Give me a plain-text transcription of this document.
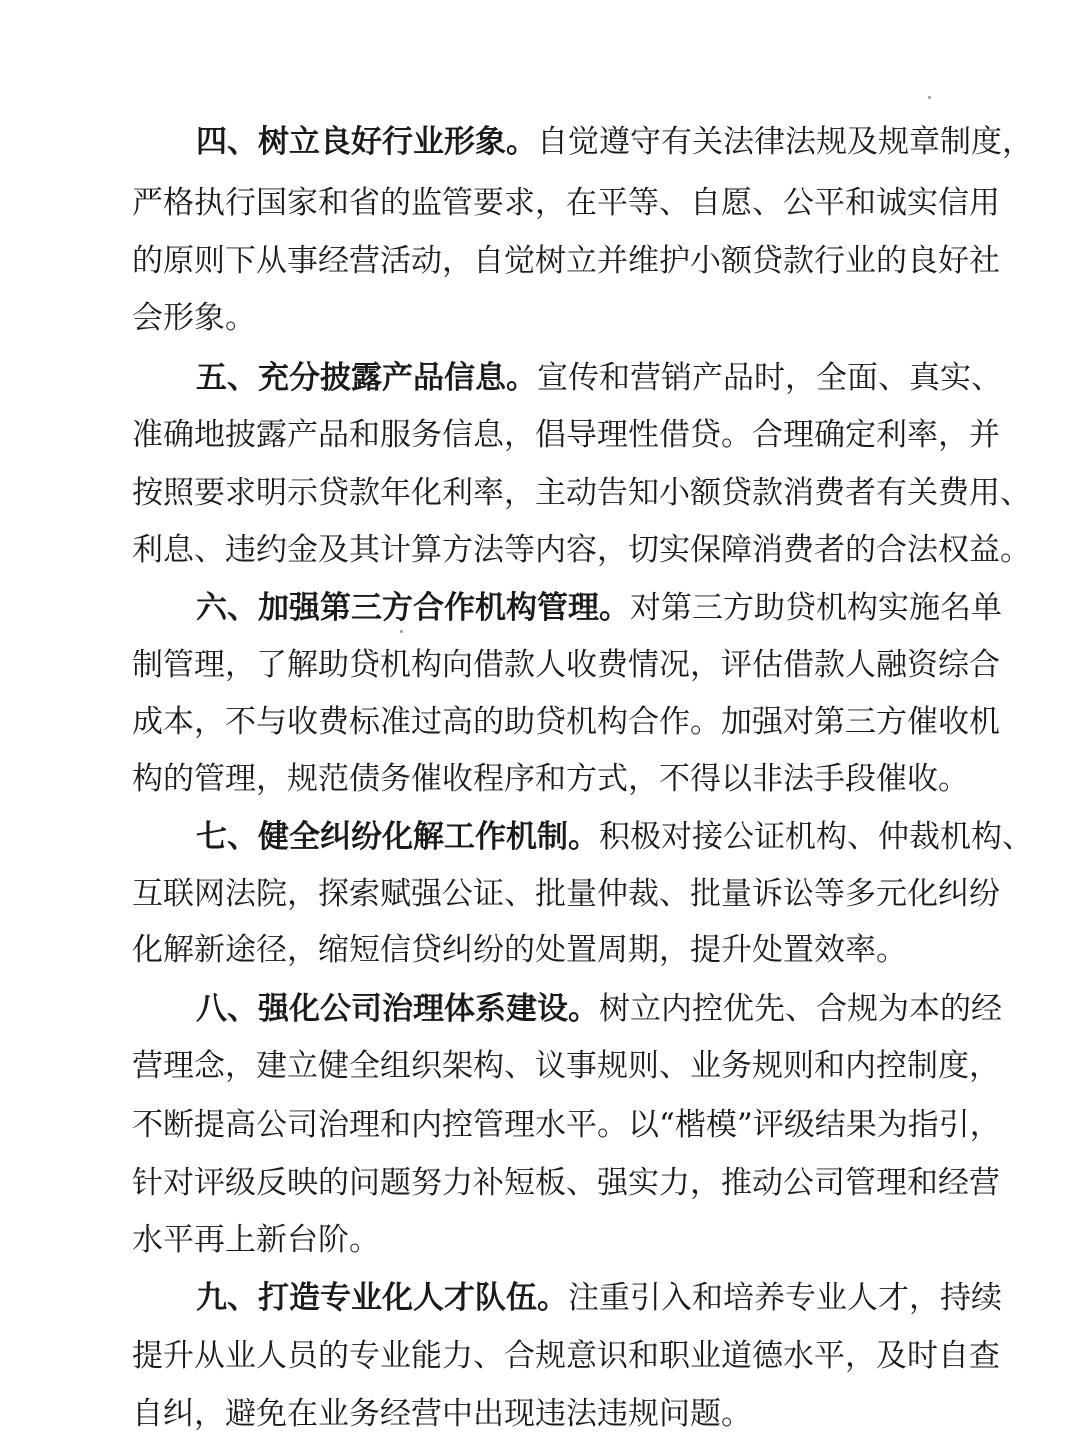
四、树立良好行业形象。自觉遵守有关法律法规及规章制度，
严格执行国家和省的监管要求，在平等、自愿、公平和诚实信用
的原则下从事经营活动，自觉树立并维护小额贷款行业的良好社
会形象。
五、充分披露产品信息。宣传和营销产品时，全面、真实、
准确地披露产品和服务信息，倡导理性借贷。合理确定利率，并
按照要求明示贷款年化利率，主动告知小额贷款消费者有关费用、
利息、违约金及其计算方法等内容，切实保障消费者的合法权益。
六、加强第三方合作机构管理。对第三方助贷机构实施名单
制管理，了解助贷机构向借款人收费情况，评估借款人融资综合
成本，不与收费标准过高的助贷机构合作。加强对第三方催收机
构的管理，规范债务催收程序和方式，不得以非法手段催收。
七、健全纠纷化解工作机制。积极对接公证机构、仲裁机构、
互联网法院，探索赋强公证、批量仲裁、批量诉讼等多元化纠纷
化解新途径，缩短信贷纠纷的处置周期，提升处置效率。
八、强化公司治理体系建设。树立内控优先、合规为本的经
营理念，建立健全组织架构、议事规则、业务规则和内控制度，
不断提高公司治理和内控管理水平。以“楷模”评级结果为指引，
针对评级反映的问题努力补短板、强实力，推动公司管理和经营
水平再上新台阶。
九、打造专业化人才队伍。注重引入和培养专业人才，持续
提升从业人员的专业能力、合规意识和职业道德水平，及时自查
自纠，避免在业务经营中出现违法违规问题。
